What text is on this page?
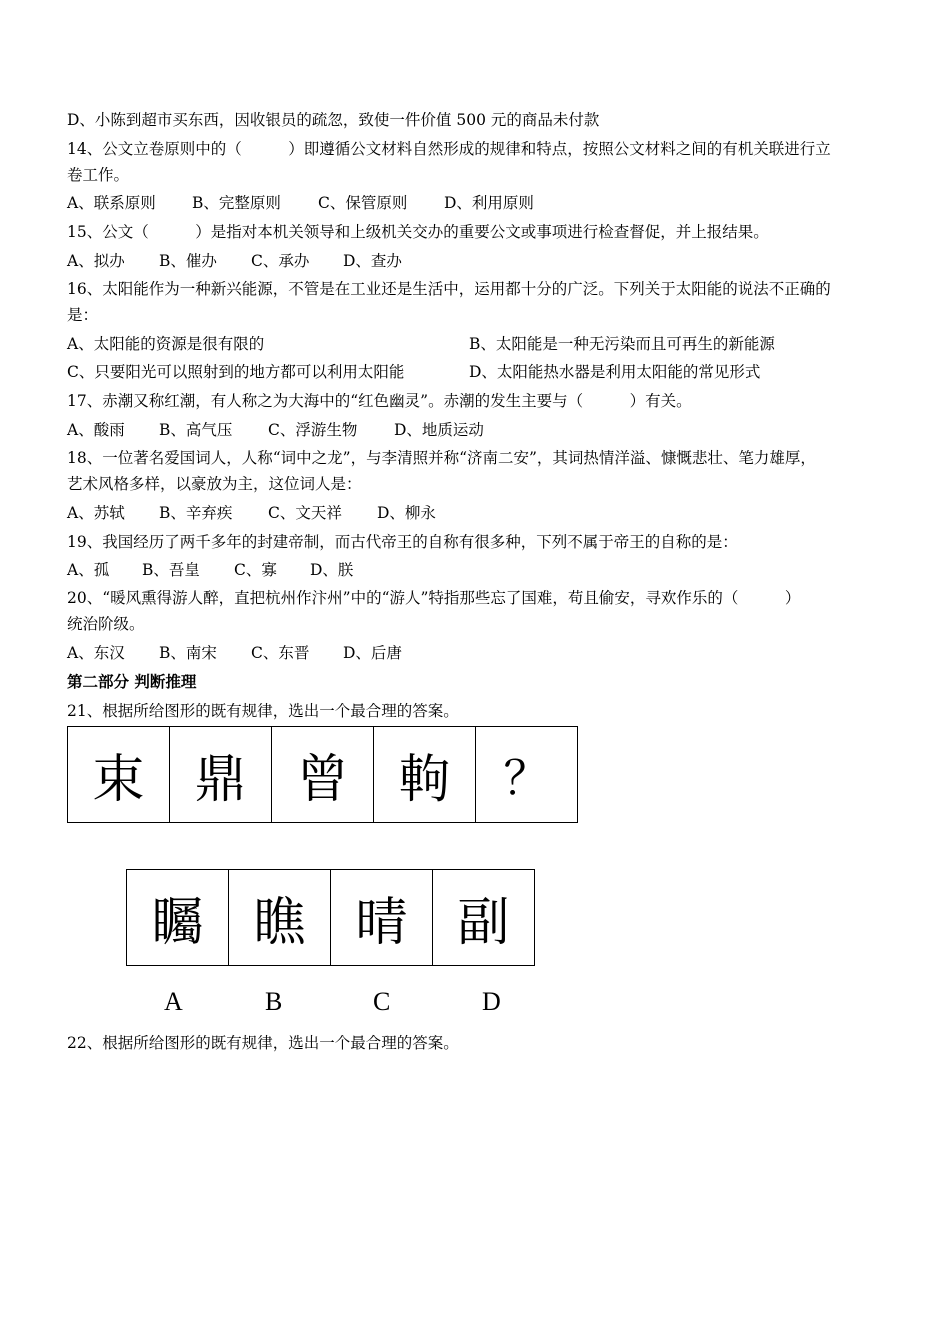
D、小陈到超市买东西，因收银员的疏忽，致使一件价值 500 元的商品未付款
14、公文立卷原则中的（　　　）即遵循公文材料自然形成的规律和特点，按照公文材料之间的有机关联进行立
卷工作。
A、联系原则 B、完整原则 C、保管原则 D、利用原则
15、公文（　　　）是指对本机关领导和上级机关交办的重要公文或事项进行检查督促，并上报结果。
A、拟办 B、催办 C、承办 D、查办
16、太阳能作为一种新兴能源，不管是在工业还是生活中，运用都十分的广泛。下列关于太阳能的说法不正确的
是：
A、太阳能的资源是很有限的	B、太阳能是一种无污染而且可再生的新能源
C、只要阳光可以照射到的地方都可以利用太阳能	D、太阳能热水器是利用太阳能的常见形式
17、赤潮又称红潮，有人称之为大海中的“红色幽灵”。赤潮的发生主要与（　　　）有关。
A、酸雨 B、高气压 C、浮游生物 D、地质运动
18、一位著名爱国词人，人称“词中之龙”，与李清照并称“济南二安”，其词热情洋溢、慷慨悲壮、笔力雄厚，
艺术风格多样，以豪放为主，这位词人是：
A、苏轼 B、辛弃疾 C、文天祥 D、柳永
19、我国经历了两千多年的封建帝制，而古代帝王的自称有很多种，下列不属于帝王的自称的是：
A、孤 B、吾皇 C、寡 D、朕
20、“暖风熏得游人醉，直把杭州作汴州”中的“游人”特指那些忘了国难，苟且偷安，寻欢作乐的（　　　）
统治阶级。
A、东汉 B、南宋 C、东晋 D、后唐
第二部分 判断推理
21、根据所给图形的既有规律，选出一个最合理的答案。
束 鼎 曾 軥	？
矚 瞧 晴 副
A	B	C	D
22、根据所给图形的既有规律，选出一个最合理的答案。
